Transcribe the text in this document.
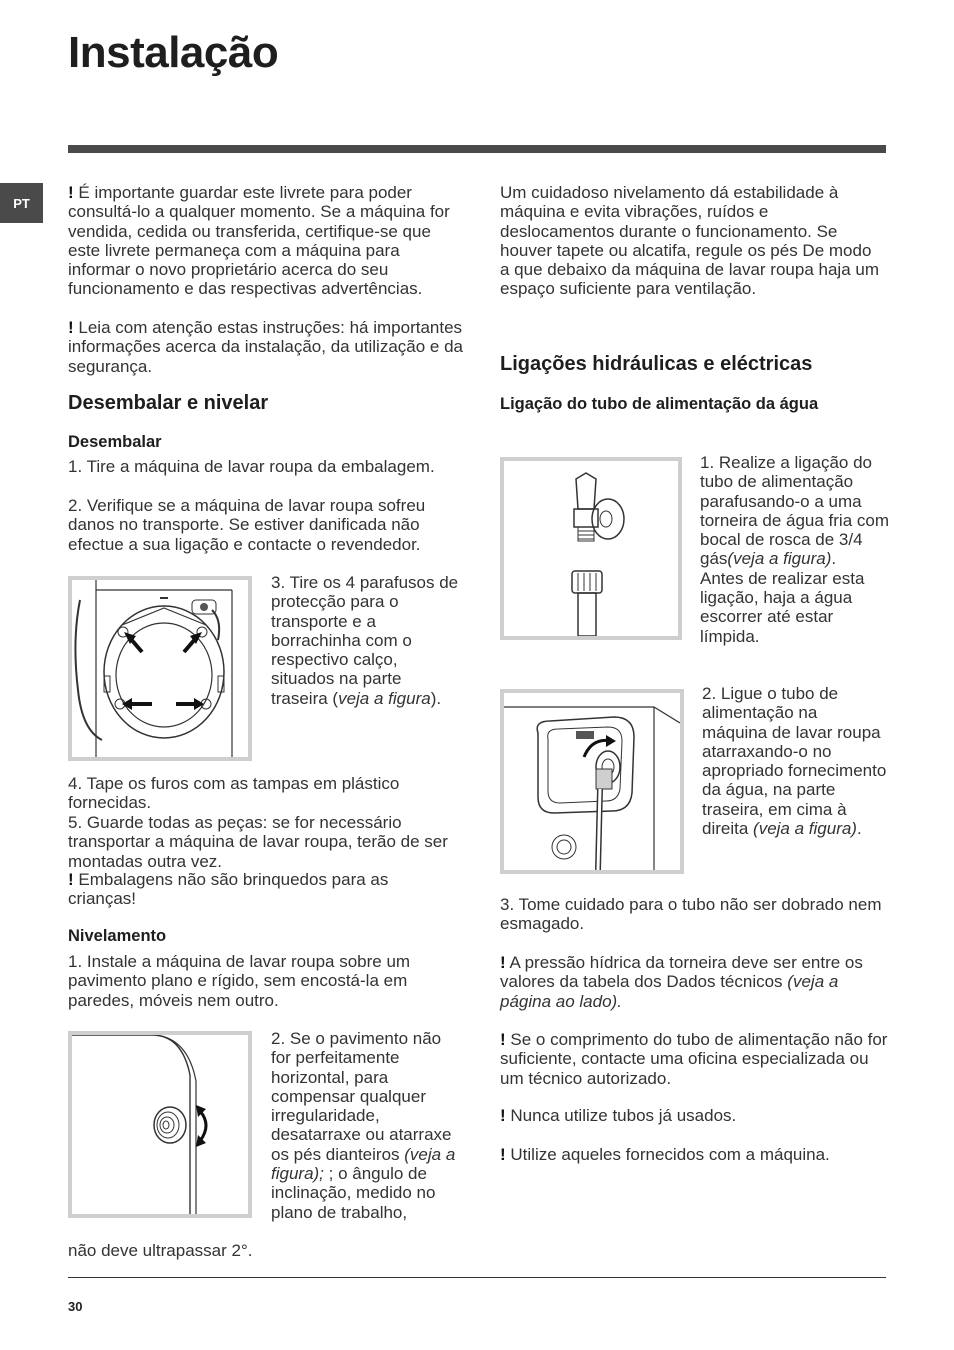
Instalação
PT
! É importante guardar este livrete para poder consultá-lo a qualquer momento. Se a máquina for vendida, cedida ou transferida, certifique-se que este livrete permaneça com a máquina para informar o novo proprietário acerca do seu funcionamento e das respectivas advertências.
! Leia com atenção estas instruções: há importantes informações acerca da instalação, da utilização e da segurança.
Desembalar e nivelar
Desembalar
1. Tire a máquina de lavar roupa da embalagem.
2. Verifique se a máquina de lavar roupa sofreu danos no transporte. Se estiver danificada não efectue a sua ligação e contacte o revendedor.
3. Tire os 4 parafusos de protecção para o transporte e a borrachinha com o respectivo calço, situados na parte traseira (veja a figura).
4. Tape os furos com as tampas em plástico fornecidas.
5. Guarde todas as peças: se for necessário transportar a máquina de lavar roupa, terão de ser montadas outra vez.
! Embalagens não são brinquedos para as crianças!
Nivelamento
1. Instale a máquina de lavar roupa sobre um pavimento plano e rígido, sem encostá-la em paredes, móveis nem outro.
2. Se o pavimento não for perfeitamente horizontal, para compensar qualquer irregularidade, desatarraxe ou atarraxe os pés dianteiros (veja a figura); ; o ângulo de inclinação, medido no plano de trabalho,
não deve ultrapassar 2°.
Um cuidadoso nivelamento dá estabilidade à máquina e evita vibrações, ruídos e deslocamentos durante o funcionamento. Se houver tapete ou alcatifa, regule os pés De modo a que debaixo da máquina de lavar roupa haja um espaço suficiente para ventilação.
Ligações hidráulicas e eléctricas
Ligação do tubo de alimentação da água
1. Realize a ligação do tubo de alimentação parafusando-o a uma torneira de água fria com bocal de rosca de 3/4 gás(veja a figura).
Antes de realizar esta ligação, haja a água escorrer até estar límpida.
2. Ligue o tubo de alimentação na máquina de lavar roupa atarraxando-o no apropriado fornecimento da água, na parte traseira, em cima à direita (veja a figura).
3. Tome cuidado para o tubo não ser dobrado nem esmagado.
! A pressão hídrica da torneira deve ser entre os valores da tabela dos Dados técnicos (veja a página ao lado).
! Se o comprimento do tubo de alimentação não for suficiente, contacte uma oficina especializada ou um técnico autorizado.
! Nunca utilize tubos já usados.
! Utilize aqueles fornecidos com a máquina.
30
